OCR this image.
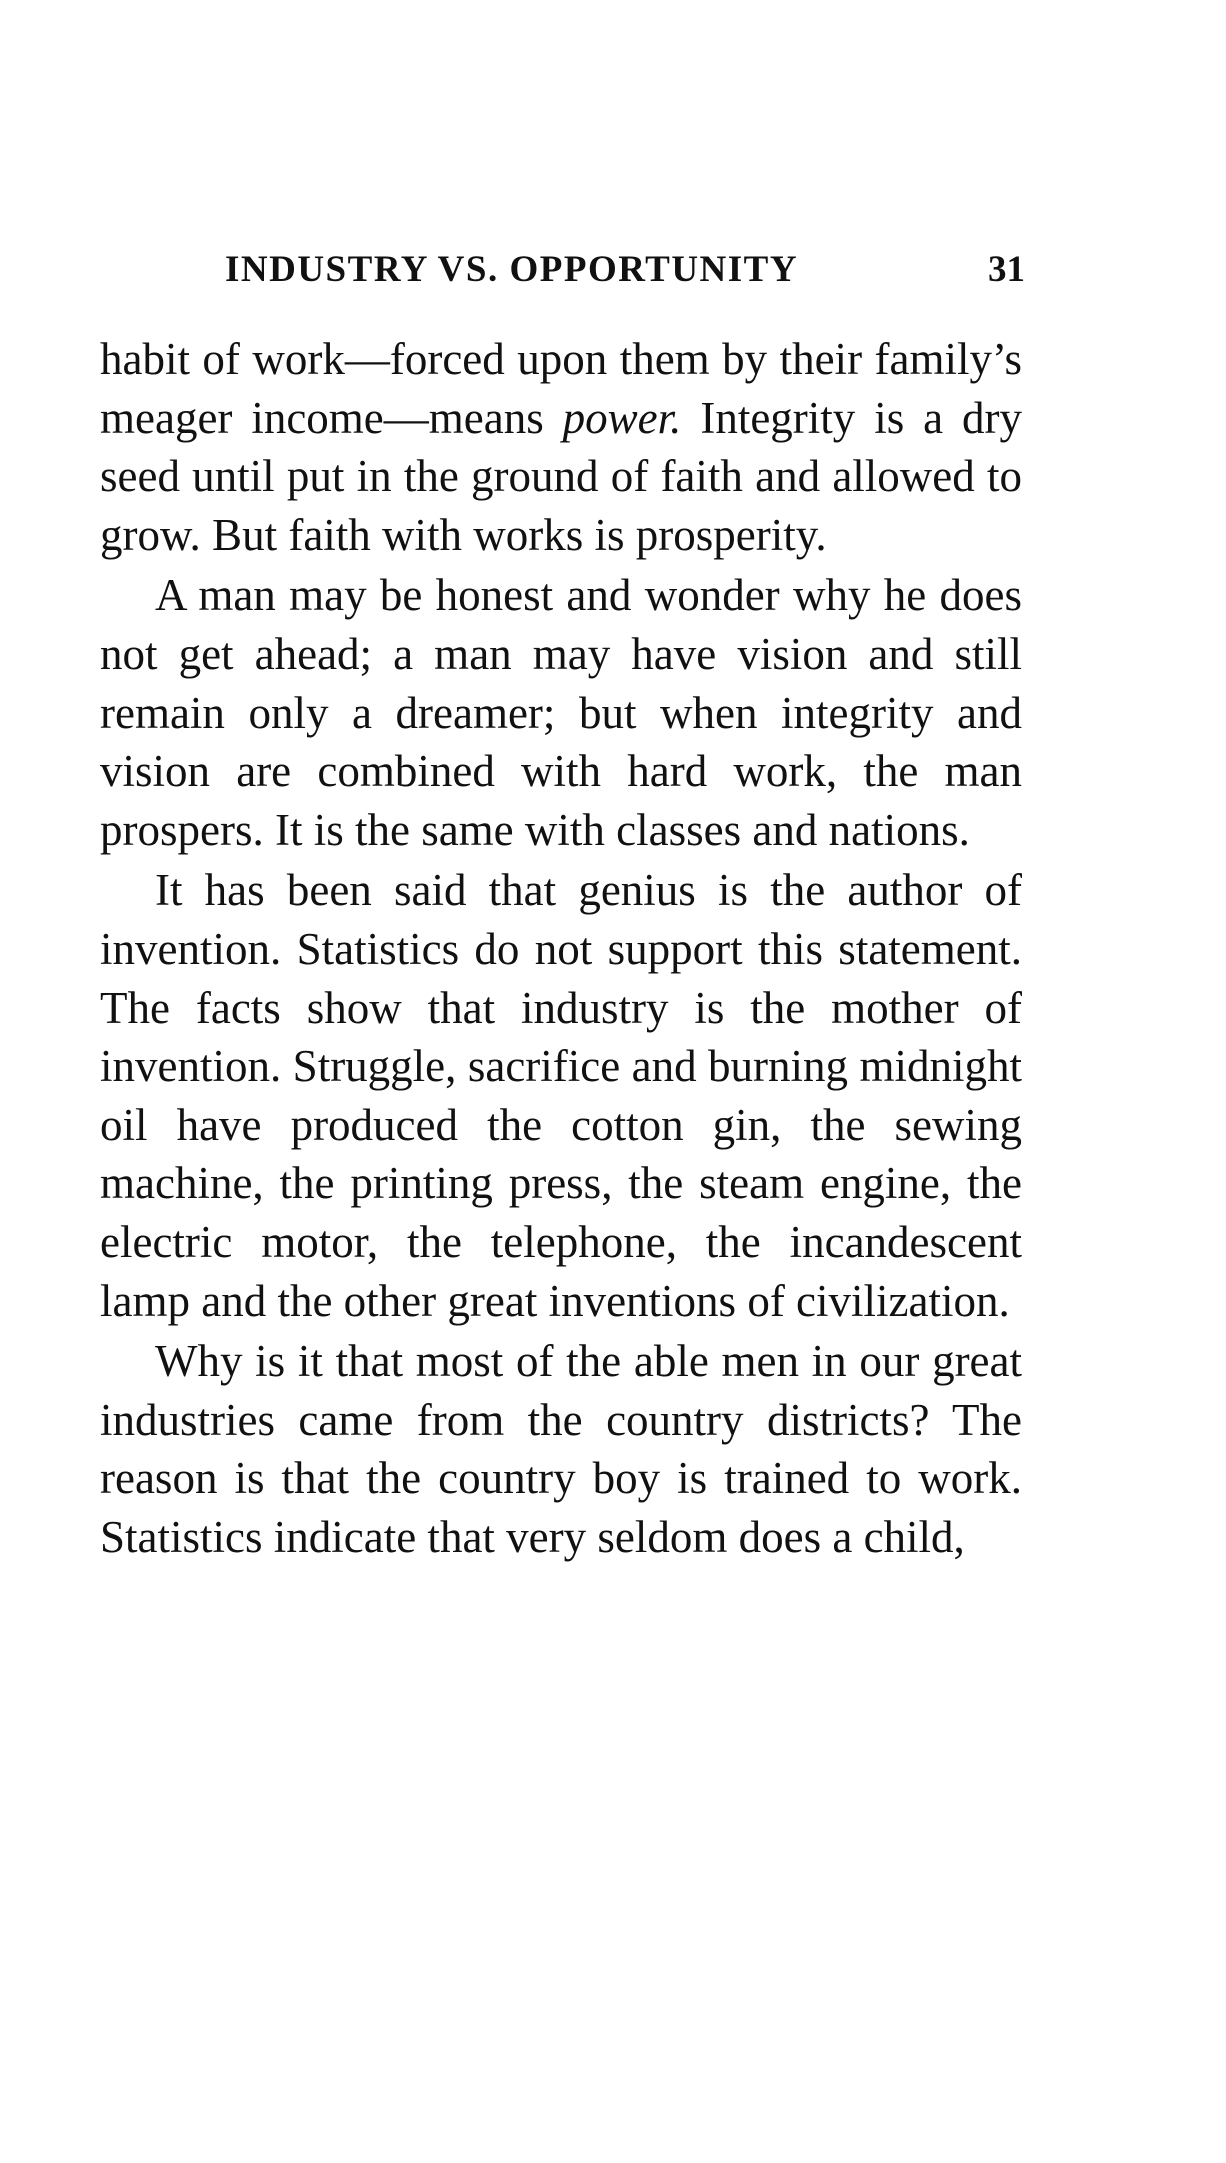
INDUSTRY VS. OPPORTUNITY	31

habit of work—forced upon them by their family’s meager income—means power. Integrity is a dry seed until put in the ground of faith and allowed to grow. But faith with works is prosperity.

A man may be honest and wonder why he does not get ahead; a man may have vision and still remain only a dreamer; but when integrity and vision are combined with hard work, the man prospers. It is the same with classes and nations.

It has been said that genius is the author of invention. Statistics do not support this statement. The facts show that industry is the mother of invention. Struggle, sacrifice and burning midnight oil have produced the cotton gin, the sewing machine, the printing press, the steam engine, the electric motor, the telephone, the incandescent lamp and the other great inventions of civilization.

Why is it that most of the able men in our great industries came from the country districts? The reason is that the country boy is trained to work. Statistics indicate that very seldom does a child,
